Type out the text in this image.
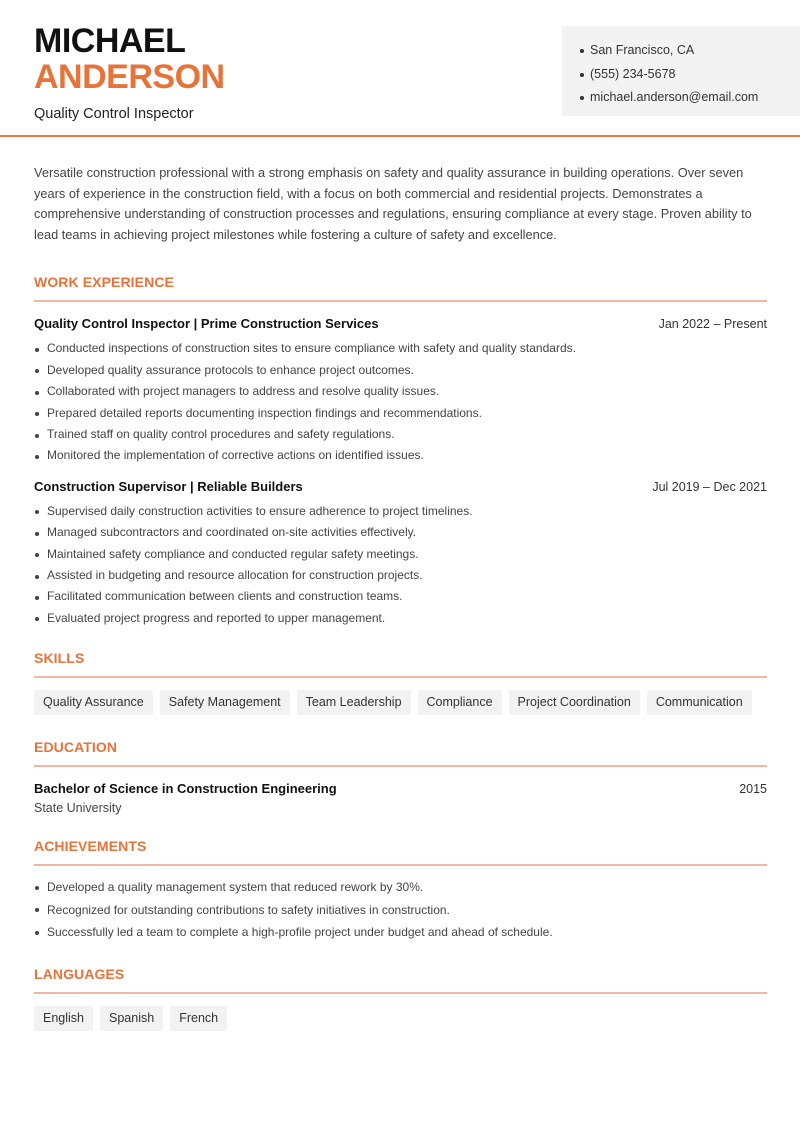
MICHAEL
ANDERSON
Quality Control Inspector
San Francisco, CA
(555) 234-5678
michael.anderson@email.com

Versatile construction professional with a strong emphasis on safety and quality assurance in building operations. Over seven years of experience in the construction field, with a focus on both commercial and residential projects. Demonstrates a comprehensive understanding of construction processes and regulations, ensuring compliance at every stage. Proven ability to lead teams in achieving project milestones while fostering a culture of safety and excellence.

WORK EXPERIENCE
Quality Control Inspector | Prime Construction Services	Jan 2022 – Present
Conducted inspections of construction sites to ensure compliance with safety and quality standards.
Developed quality assurance protocols to enhance project outcomes.
Collaborated with project managers to address and resolve quality issues.
Prepared detailed reports documenting inspection findings and recommendations.
Trained staff on quality control procedures and safety regulations.
Monitored the implementation of corrective actions on identified issues.
Construction Supervisor | Reliable Builders	Jul 2019 – Dec 2021
Supervised daily construction activities to ensure adherence to project timelines.
Managed subcontractors and coordinated on-site activities effectively.
Maintained safety compliance and conducted regular safety meetings.
Assisted in budgeting and resource allocation for construction projects.
Facilitated communication between clients and construction teams.
Evaluated project progress and reported to upper management.
SKILLS
Quality Assurance	Safety Management	Team Leadership	Compliance	Project Coordination	Communication
EDUCATION
Bachelor of Science in Construction Engineering	2015
State University
ACHIEVEMENTS
Developed a quality management system that reduced rework by 30%.
Recognized for outstanding contributions to safety initiatives in construction.
Successfully led a team to complete a high-profile project under budget and ahead of schedule.
LANGUAGES
English	Spanish	French
